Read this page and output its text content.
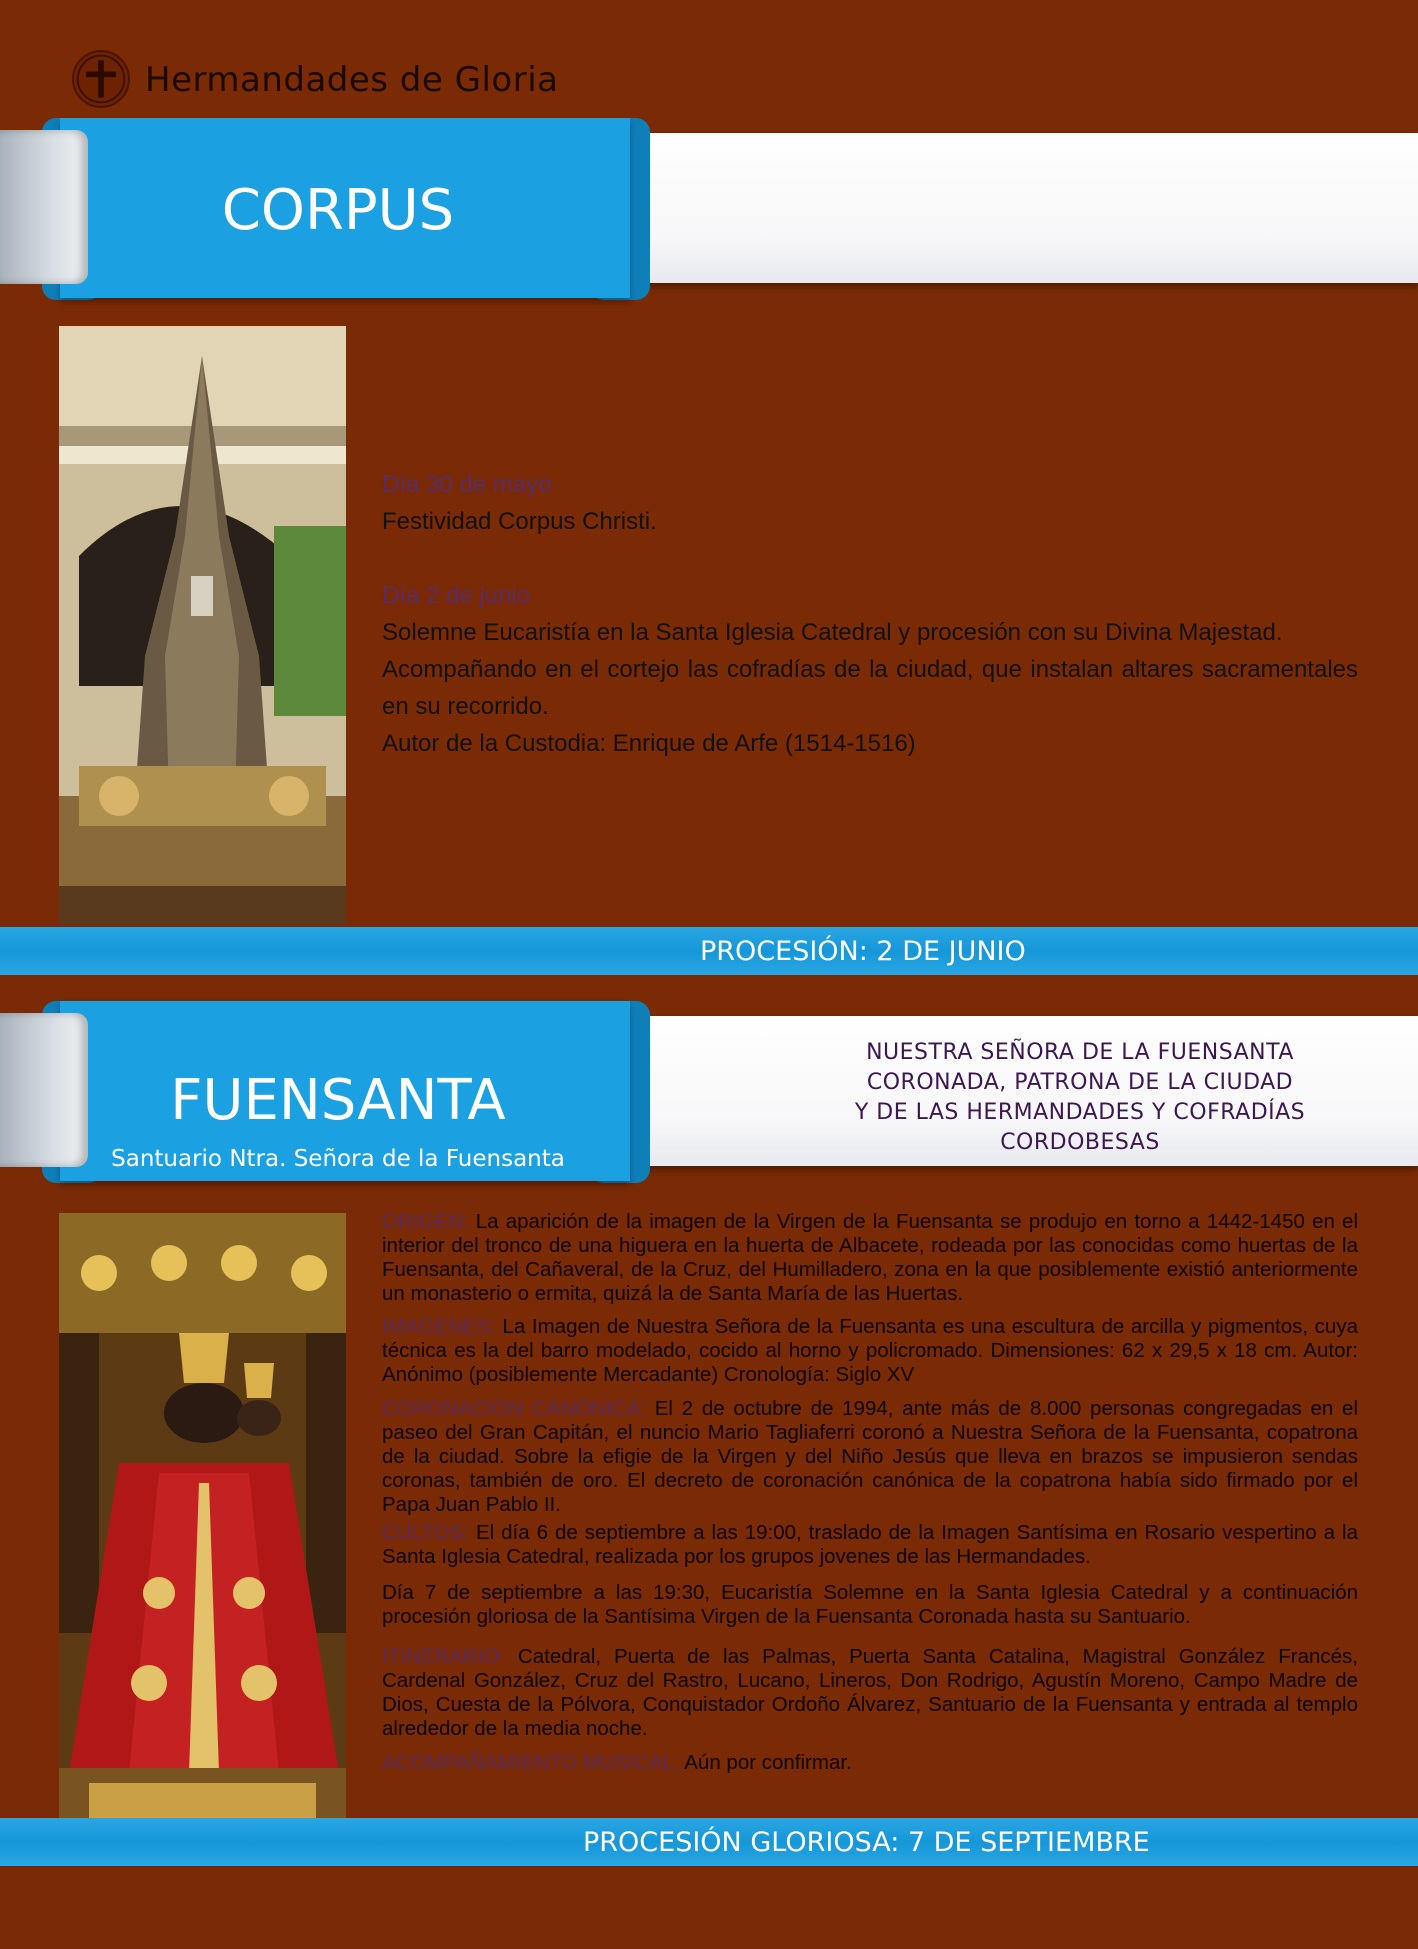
Hermandades de Gloria
CORPUS

Día 30 de mayo

Festividad Corpus Christi.

Día 2 de junio

Solemne Eucaristía en la Santa Iglesia Catedral y procesión con su Divina Majestad.

Acompañando en el cortejo las cofradías de la ciudad, que instalan altares sacramentales en su recorrido.

Autor de la Custodia: Enrique de Arfe (1514-1516)

PROCESIÓN: 2 DE JUNIO
FUENSANTA
Santuario Ntra. Señora de la Fuensanta
NUESTRA SEÑORA DE LA FUENSANTA
CORONADA, PATRONA DE LA CIUDAD
Y DE LAS HERMANDADES Y COFRADÍAS
CORDOBESAS

ORIGEN: La aparición de la imagen de la Virgen de la Fuensanta se produjo en torno a 1442-1450 en el interior del tronco de una higuera en la huerta de Albacete, rodeada por las conocidas como huertas de la Fuensanta, del Cañaveral, de la Cruz, del Humilladero, zona en la que posiblemente existió anteriormente un monasterio o ermita, quizá la de Santa María de las Huertas.

IMAGENES: La Imagen de Nuestra Señora de la Fuensanta es una escultura de arcilla y pigmentos, cuya técnica es la del barro modelado, cocido al horno y policromado. Dimensiones: 62 x 29,5 x 18 cm. Autor: Anónimo (posiblemente Mercadante) Cronología: Siglo XV

CORONACIÓN CANÓNICA: El 2 de octubre de 1994, ante más de 8.000 personas congregadas en el paseo del Gran Capitán, el nuncio Mario Tagliaferri coronó a Nuestra Señora de la Fuensanta, copatrona de la ciudad. Sobre la efigie de la Virgen y del Niño Jesús que lleva en brazos se impusieron sendas coronas, también de oro. El decreto de coronación canónica de la copatrona había sido firmado por el Papa Juan Pablo II.

CULTOS: El día 6 de septiembre a las 19:00, traslado de la Imagen Santísima en Rosario vespertino a la Santa Iglesia Catedral, realizada por los grupos jovenes de las Hermandades.

Día 7 de septiembre a las 19:30, Eucaristía Solemne en la Santa Iglesia Catedral y a continuación procesión gloriosa de la Santísima Virgen de la Fuensanta Coronada hasta su Santuario.

ITINERARIO: Catedral, Puerta de las Palmas, Puerta Santa Catalina, Magistral González Francés, Cardenal González, Cruz del Rastro, Lucano, Lineros, Don Rodrigo, Agustín Moreno, Campo Madre de Dios, Cuesta de la Pólvora, Conquistador Ordoño Álvarez, Santuario de la Fuensanta y entrada al templo alrededor de la media noche.

ACOMPAÑAMIENTO MUSICAL: Aún por confirmar.

PROCESIÓN GLORIOSA: 7 DE SEPTIEMBRE
